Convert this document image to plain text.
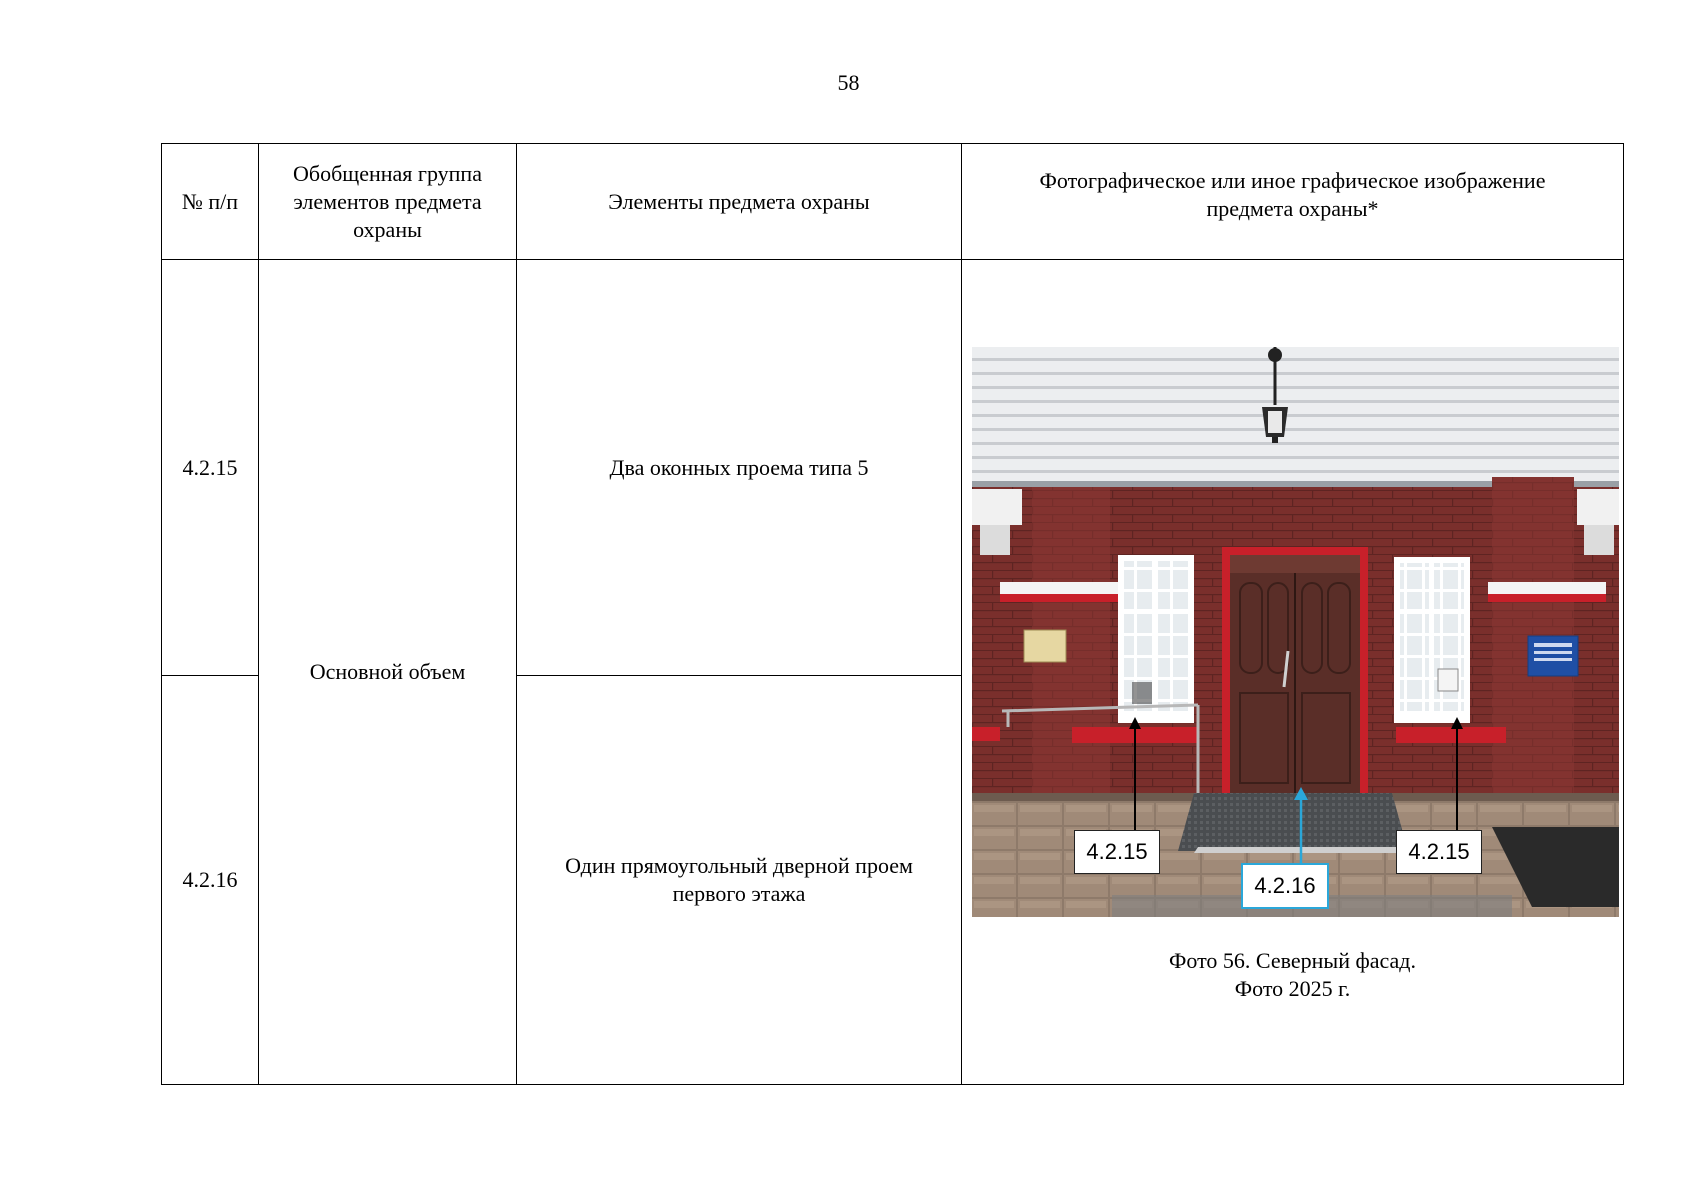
58
№ п/п	Обобщенная группа элементов предмета охраны	Элементы предмета охраны	Фотографическое или иное графическое изображение предмета охраны*
4.2.15	Основной объем	Два оконных проема типа 5	4.2.15 4.2.15
4.2.16
Фото 56. Северный фасад.
Фото 2025 г.

4.2.16		Один прямоугольный дверной проем первого этажа	
